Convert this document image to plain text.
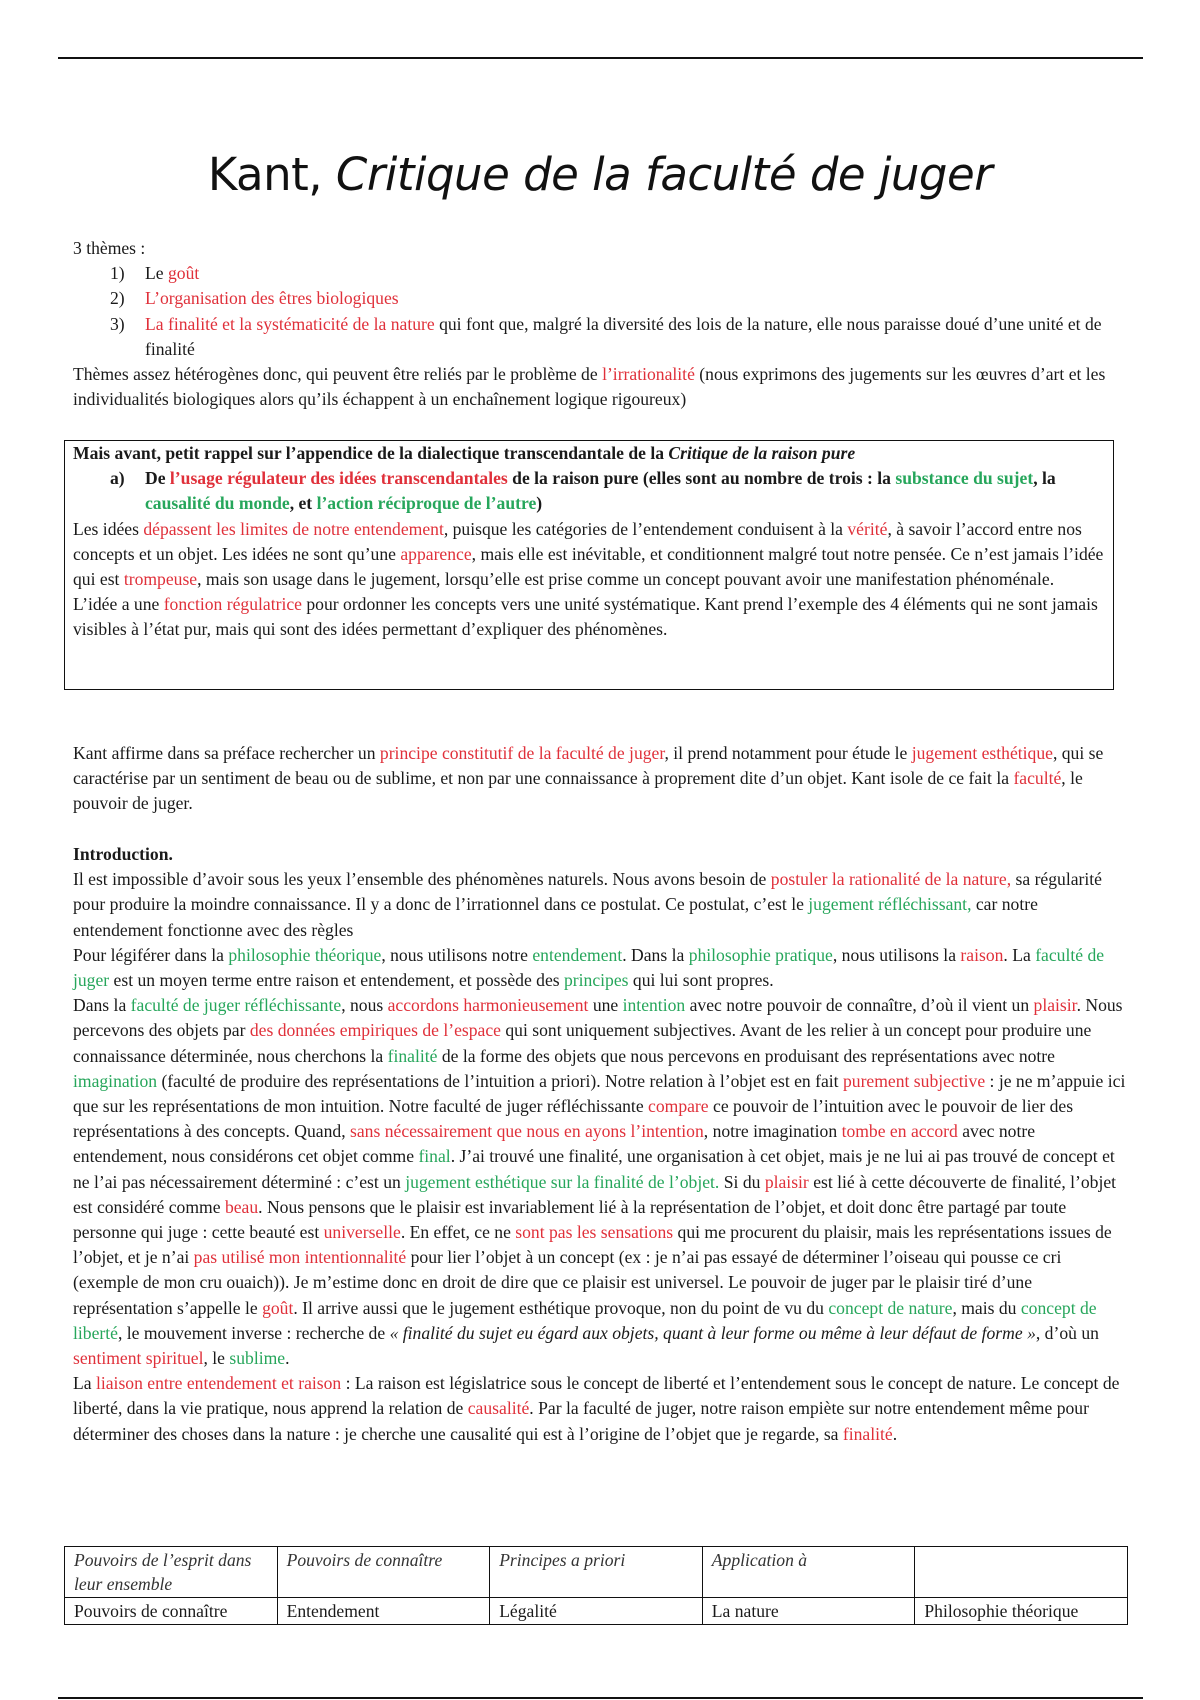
Kant, Critique de la faculté de juger

3 thèmes :

1) Le goût
2) L’organisation des êtres biologiques
3) La finalité et la systématicité de la nature qui font que, malgré la diversité des lois de la nature, elle nous paraisse doué d’une unité et de finalité

Thèmes assez hétérogènes donc, qui peuvent être reliés par le problème de l’irrationalité (nous exprimons des jugements sur les œuvres d’art et les individualités biologiques alors qu’ils échappent à un enchaînement logique rigoureux)

Mais avant, petit rappel sur l’appendice de la dialectique transcendantale de la Critique de la raison pure

a) De l’usage régulateur des idées transcendantales de la raison pure (elles sont au nombre de trois : la substance du sujet, la causalité du monde, et l’action réciproque de l’autre)

Les idées dépassent les limites de notre entendement, puisque les catégories de l’entendement conduisent à la vérité, à savoir l’accord entre nos concepts et un objet. Les idées ne sont qu’une apparence, mais elle est inévitable, et conditionnent malgré tout notre pensée. Ce n’est jamais l’idée qui est trompeuse, mais son usage dans le jugement, lorsqu’elle est prise comme un concept pouvant avoir une manifestation phénoménale.

L’idée a une fonction régulatrice pour ordonner les concepts vers une unité systématique. Kant prend l’exemple des 4 éléments qui ne sont jamais visibles à l’état pur, mais qui sont des idées permettant d’expliquer des phénomènes.

Kant affirme dans sa préface rechercher un principe constitutif de la faculté de juger, il prend notamment pour étude le jugement esthétique, qui se caractérise par un sentiment de beau ou de sublime, et non par une connaissance à proprement dite d’un objet. Kant isole de ce fait la faculté, le pouvoir de juger.

Introduction.

Il est impossible d’avoir sous les yeux l’ensemble des phénomènes naturels. Nous avons besoin de postuler la rationalité de la nature, sa régularité pour produire la moindre connaissance. Il y a donc de l’irrationnel dans ce postulat. Ce postulat, c’est le jugement réfléchissant, car notre entendement fonctionne avec des règles

Pour légiférer dans la philosophie théorique, nous utilisons notre entendement. Dans la philosophie pratique, nous utilisons la raison. La faculté de juger est un moyen terme entre raison et entendement, et possède des principes qui lui sont propres.

Dans la faculté de juger réfléchissante, nous accordons harmonieusement une intention avec notre pouvoir de connaître, d’où il vient un plaisir. Nous percevons des objets par des données empiriques de l’espace qui sont uniquement subjectives. Avant de les relier à un concept pour produire une connaissance déterminée, nous cherchons la finalité de la forme des objets que nous percevons en produisant des représentations avec notre imagination (faculté de produire des représentations de l’intuition a priori). Notre relation à l’objet est en fait purement subjective : je ne m’appuie ici que sur les représentations de mon intuition. Notre faculté de juger réfléchissante compare ce pouvoir de l’intuition avec le pouvoir de lier des représentations à des concepts. Quand, sans nécessairement que nous en ayons l’intention, notre imagination tombe en accord avec notre entendement, nous considérons cet objet comme final. J’ai trouvé une finalité, une organisation à cet objet, mais je ne lui ai pas trouvé de concept et ne l’ai pas nécessairement déterminé : c’est un jugement esthétique sur la finalité de l’objet. Si du plaisir est lié à cette découverte de finalité, l’objet est considéré comme beau. Nous pensons que le plaisir est invariablement lié à la représentation de l’objet, et doit donc être partagé par toute personne qui juge : cette beauté est universelle. En effet, ce ne sont pas les sensations qui me procurent du plaisir, mais les représentations issues de l’objet, et je n’ai pas utilisé mon intentionnalité pour lier l’objet à un concept (ex : je n’ai pas essayé de déterminer l’oiseau qui pousse ce cri (exemple de mon cru ouaich)). Je m’estime donc en droit de dire que ce plaisir est universel. Le pouvoir de juger par le plaisir tiré d’une représentation s’appelle le goût. Il arrive aussi que le jugement esthétique provoque, non du point de vu du concept de nature, mais du concept de liberté, le mouvement inverse : recherche de « finalité du sujet eu égard aux objets, quant à leur forme ou même à leur défaut de forme », d’où un sentiment spirituel, le sublime.

La liaison entre entendement et raison : La raison est législatrice sous le concept de liberté et l’entendement sous le concept de nature. Le concept de liberté, dans la vie pratique, nous apprend la relation de causalité. Par la faculté de juger, notre raison empiète sur notre entendement même pour déterminer des choses dans la nature : je cherche une causalité qui est à l’origine de l’objet que je regarde, sa finalité.

Pouvoirs de l’esprit dans leur ensemble	Pouvoirs de connaître	Principes a priori	Application à	
Pouvoirs de connaître	Entendement	Légalité	La nature	Philosophie théorique
